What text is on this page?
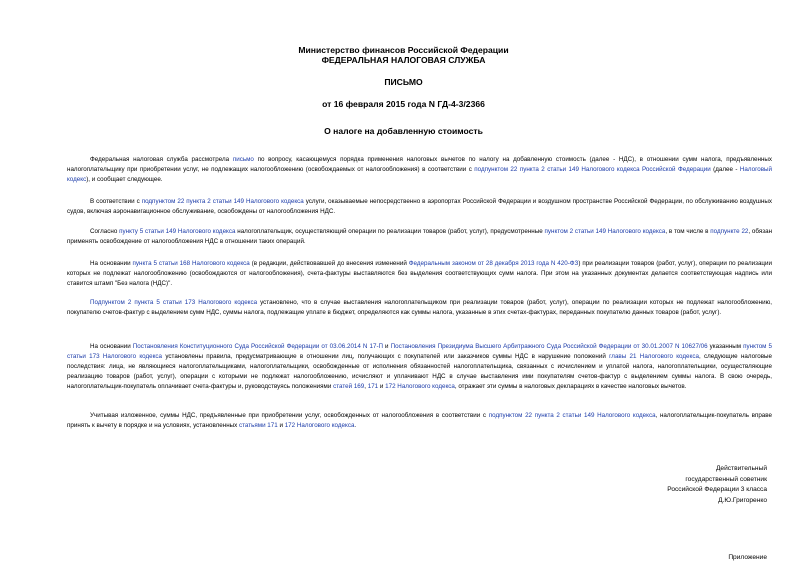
Министерство финансов Российской Федерации
ФЕДЕРАЛЬНАЯ НАЛОГОВАЯ СЛУЖБА
ПИСЬМО
от 16 февраля 2015 года N ГД-4-3/2366
О налоге на добавленную стоимость

Федеральная налоговая служба рассмотрела письмо по вопросу, касающемуся порядка применения налоговых вычетов по налогу на добавленную стоимость (далее - НДС), в отношении сумм налога, предъявленных налогоплательщику при приобретении услуг, не подлежащих налогообложению (освобождаемых от налогообложения) в соответствии с подпунктом 22 пункта 2 статьи 149 Налогового кодекса Российской Федерации (далее - Налоговый кодекс), и сообщает следующее.

В соответствии с подпунктом 22 пункта 2 статьи 149 Налогового кодекса услуги, оказываемые непосредственно в аэропортах Российской Федерации и воздушном пространстве Российской Федерации, по обслуживанию воздушных судов, включая аэронавигационное обслуживание, освобождены от налогообложения НДС.

Согласно пункту 5 статьи 149 Налогового кодекса налогоплательщик, осуществляющий операции по реализации товаров (работ, услуг), предусмотренные пунктом 2 статьи 149 Налогового кодекса, в том числе в подпункте 22, обязан применять освобождение от налогообложения НДС в отношении таких операций.

На основании пункта 5 статьи 168 Налогового кодекса (в редакции, действовавшей до внесения изменений Федеральным законом от 28 декабря 2013 года N 420-ФЗ) при реализации товаров (работ, услуг), операции по реализации которых не подлежат налогообложению (освобождаются от налогообложения), счета-фактуры выставляются без выделения соответствующих сумм налога. При этом на указанных документах делается соответствующая надпись или ставится штамп "Без налога (НДС)".

Подпунктом 2 пункта 5 статьи 173 Налогового кодекса установлено, что в случае выставления налогоплательщиком при реализации товаров (работ, услуг), операции по реализации которых не подлежат налогообложению, покупателю счетов-фактур с выделением сумм НДС, суммы налога, подлежащие уплате в бюджет, определяются как суммы налога, указанные в этих счетах-фактурах, переданных покупателю данных товаров (работ, услуг).

На основании Постановления Конституционного Суда Российской Федерации от 03.06.2014 N 17-П и Постановления Президиума Высшего Арбитражного Суда Российской Федерации от 30.01.2007 N 10627/06 указанным пунктом 5 статьи 173 Налогового кодекса установлены правила, предусматривающие в отношении лиц, получающих с покупателей или заказчиков суммы НДС в нарушение положений главы 21 Налогового кодекса, следующие налоговые последствия: лица, не являющиеся налогоплательщиками, налогоплательщики, освобожденные от исполнения обязанностей налогоплательщика, связанных с исчислением и уплатой налога, налогоплательщики, осуществляющие реализацию товаров (работ, услуг), операции с которыми не подлежат налогообложению, исчисляют и уплачивают НДС в случае выставления ими покупателям счетов-фактур с выделением суммы налога. В свою очередь, налогоплательщик-покупатель оплачивает счета-фактуры и, руководствуясь положениями статей 169, 171 и 172 Налогового кодекса, отражает эти суммы в налоговых декларациях в качестве налоговых вычетов.

Учитывая изложенное, суммы НДС, предъявленные при приобретении услуг, освобожденных от налогообложения в соответствии с подпунктом 22 пункта 2 статьи 149 Налогового кодекса, налогоплательщик-покупатель вправе принять к вычету в порядке и на условиях, установленных статьями 171 и 172 Налогового кодекса.

Действительный
государственный советник
Российской Федерации 3 класса
Д.Ю.Григоренко
Приложение
